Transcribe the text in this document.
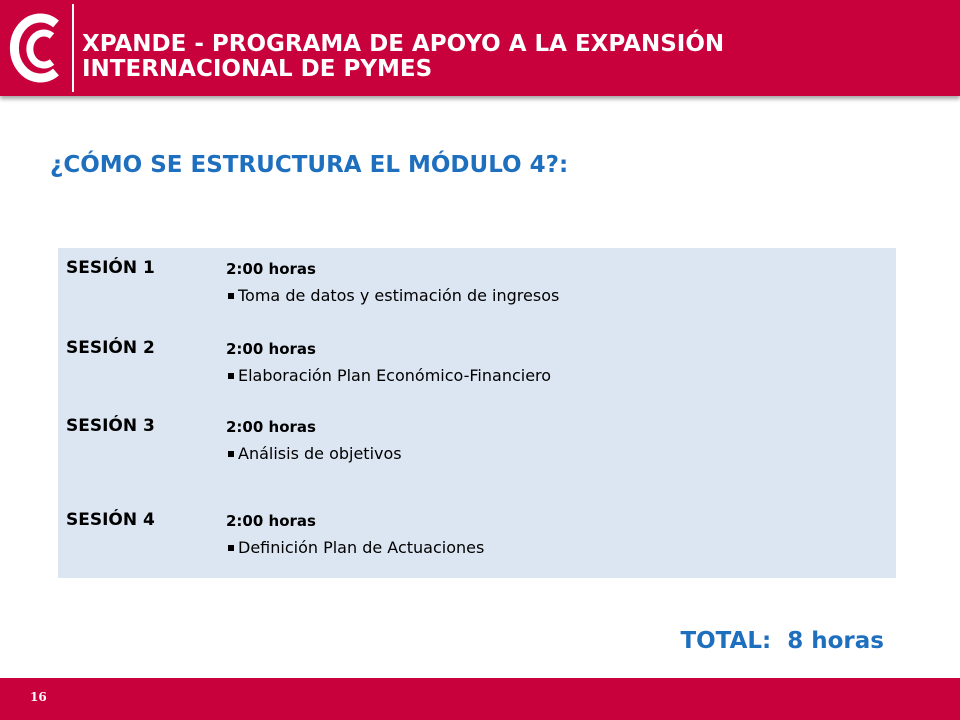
XPANDE - PROGRAMA DE APOYO A LA EXPANSIÓN
INTERNACIONAL DE PYMES
¿CÓMO SE ESTRUCTURA EL MÓDULO 4?:
SESIÓN 1	2:00 horas
Toma de datos y estimación de ingresos
SESIÓN 2	2:00 horas
Elaboración Plan Económico-Financiero
SESIÓN 3	2:00 horas
Análisis de objetivos
SESIÓN 4	2:00 horas
Definición Plan de Actuaciones
TOTAL:  8 horas
16
